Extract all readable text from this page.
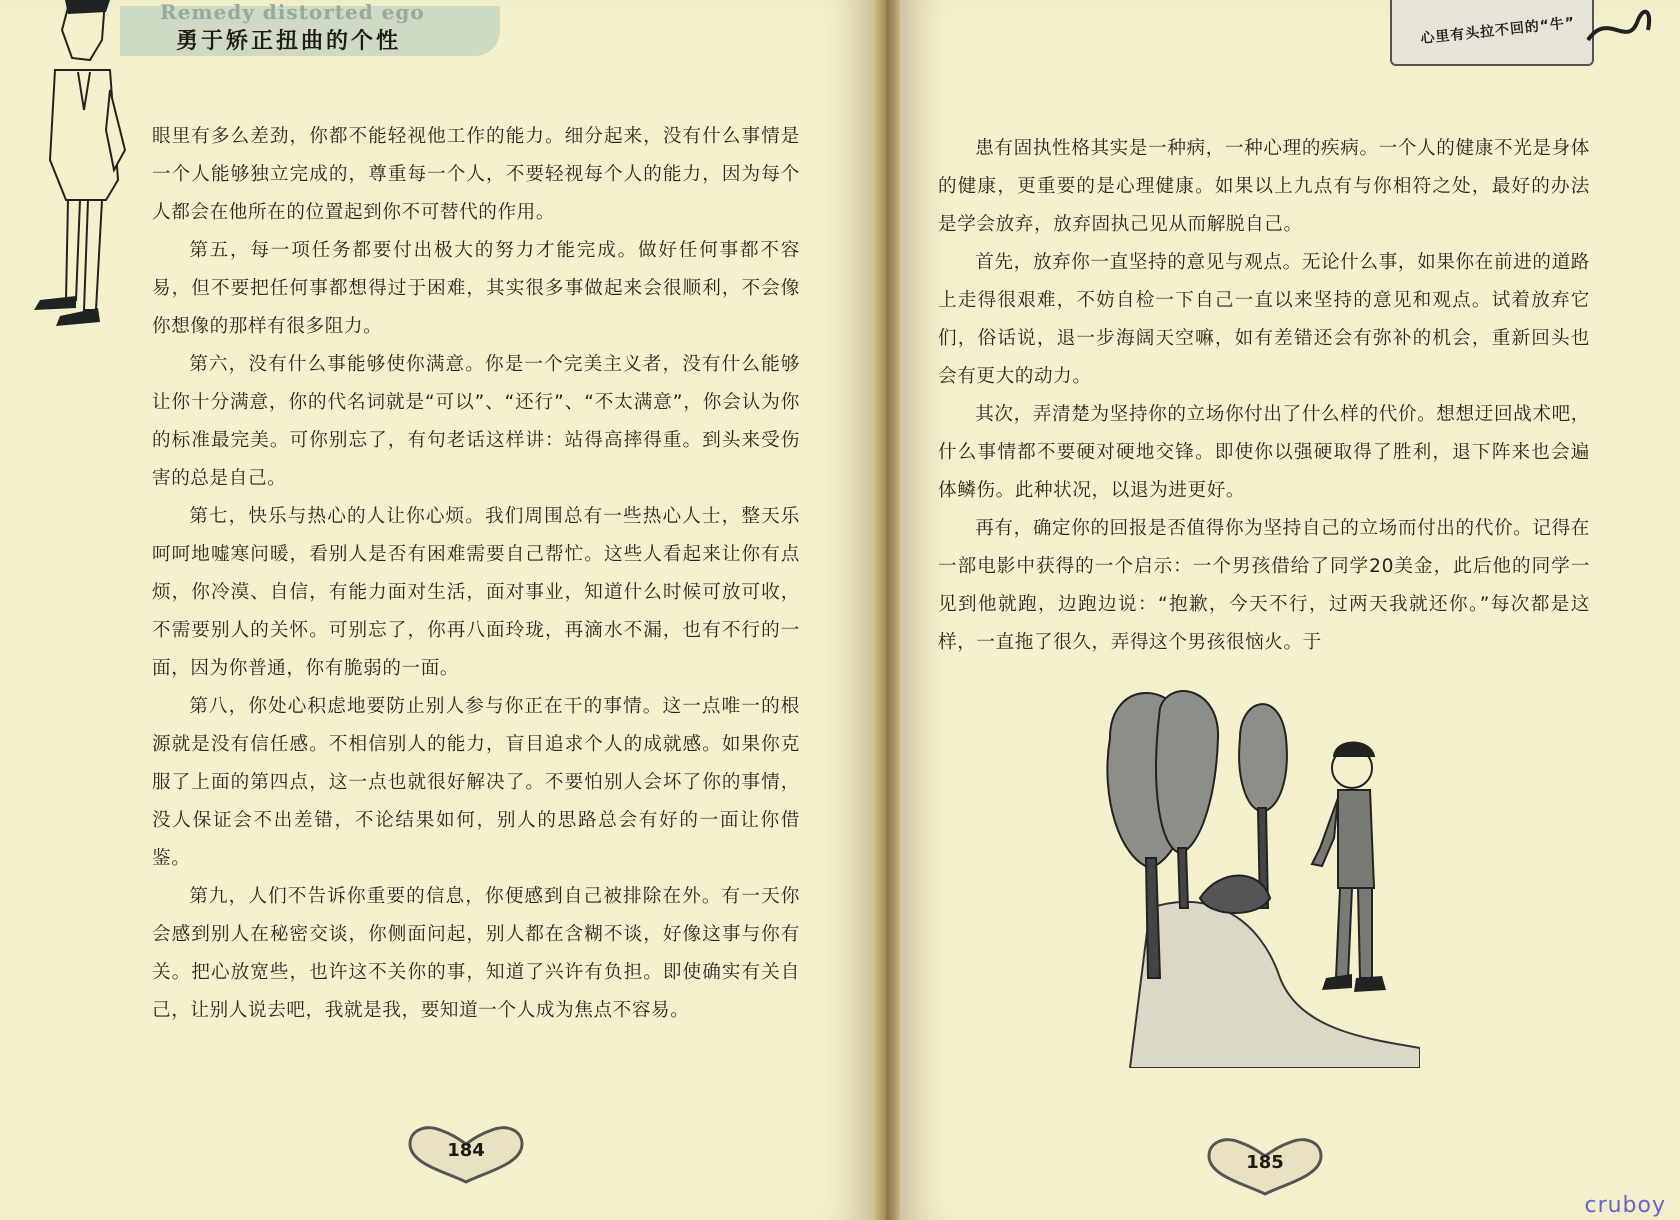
Remedy distorted ego
勇于矫正扭曲的个性

眼里有多么差劲，你都不能轻视他工作的能力。细分起来，没有什么事情是一个人能够独立完成的，尊重每一个人，不要轻视每个人的能力，因为每个人都会在他所在的位置起到你不可替代的作用。

第五，每一项任务都要付出极大的努力才能完成。做好任何事都不容易，但不要把任何事都想得过于困难，其实很多事做起来会很顺利，不会像你想像的那样有很多阻力。

第六，没有什么事能够使你满意。你是一个完美主义者，没有什么能够让你十分满意，你的代名词就是“可以”、“还行”、“不太满意”，你会认为你的标准最完美。可你别忘了，有句老话这样讲：站得高摔得重。到头来受伤害的总是自己。

第七，快乐与热心的人让你心烦。我们周围总有一些热心人士，整天乐呵呵地嘘寒问暖，看别人是否有困难需要自己帮忙。这些人看起来让你有点烦，你冷漠、自信，有能力面对生活，面对事业，知道什么时候可放可收，不需要别人的关怀。可别忘了，你再八面玲珑，再滴水不漏，也有不行的一面，因为你普通，你有脆弱的一面。

第八，你处心积虑地要防止别人参与你正在干的事情。这一点唯一的根源就是没有信任感。不相信别人的能力，盲目追求个人的成就感。如果你克服了上面的第四点，这一点也就很好解决了。不要怕别人会坏了你的事情，没人保证会不出差错，不论结果如何，别人的思路总会有好的一面让你借鉴。

第九，人们不告诉你重要的信息，你便感到自己被排除在外。有一天你会感到别人在秘密交谈，你侧面问起，别人都在含糊不谈，好像这事与你有关。把心放宽些，也许这不关你的事，知道了兴许有负担。即使确实有关自己，让别人说去吧，我就是我，要知道一个人成为焦点不容易。

184
心里有头拉不回的“牛”

患有固执性格其实是一种病，一种心理的疾病。一个人的健康不光是身体的健康，更重要的是心理健康。如果以上九点有与你相符之处，最好的办法是学会放弃，放弃固执己见从而解脱自己。

首先，放弃你一直坚持的意见与观点。无论什么事，如果你在前进的道路上走得很艰难，不妨自检一下自己一直以来坚持的意见和观点。试着放弃它们，俗话说，退一步海阔天空嘛，如有差错还会有弥补的机会，重新回头也会有更大的动力。

其次，弄清楚为坚持你的立场你付出了什么样的代价。想想迂回战术吧，什么事情都不要硬对硬地交锋。即使你以强硬取得了胜利，退下阵来也会遍体鳞伤。此种状况，以退为进更好。

再有，确定你的回报是否值得你为坚持自己的立场而付出的代价。记得在一部电影中获得的一个启示：一个男孩借给了同学20美金，此后他的同学一见到他就跑，边跑边说：“抱歉，今天不行，过两天我就还你。”每次都是这样，一直拖了很久，弄得这个男孩很恼火。于

185
cruboy
